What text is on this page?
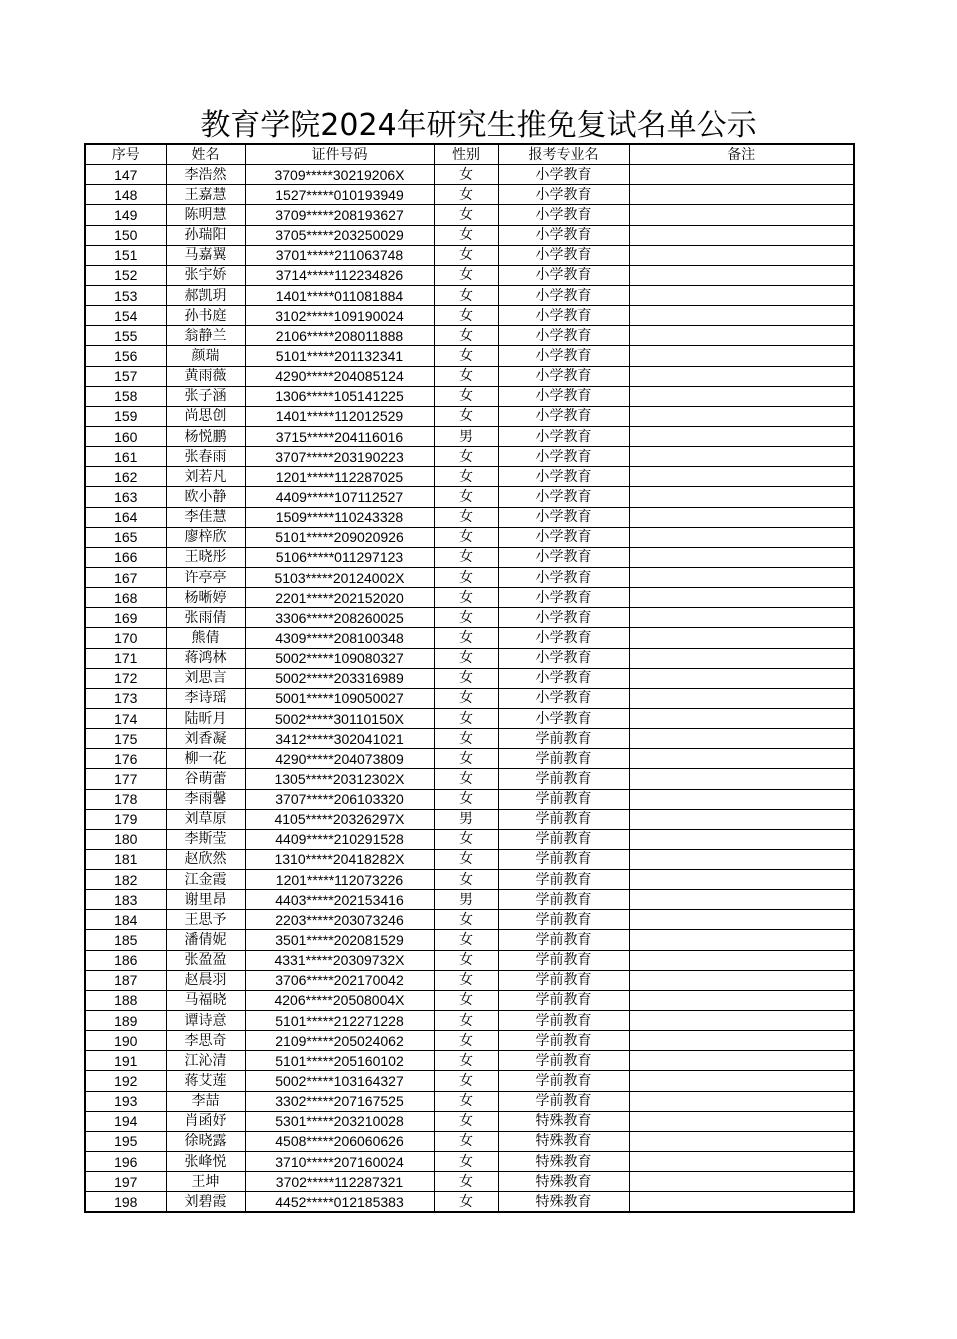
教育学院2024年研究生推免复试名单公示
序号	姓名	证件号码	性别	报考专业名	备注
147	李浩然	3709*****30219206X	女	小学教育	
148	王嘉慧	1527*****010193949	女	小学教育	
149	陈明慧	3709*****208193627	女	小学教育	
150	孙瑞阳	3705*****203250029	女	小学教育	
151	马嘉翼	3701*****211063748	女	小学教育	
152	张宇娇	3714*****112234826	女	小学教育	
153	郝凯玥	1401*****011081884	女	小学教育	
154	孙书庭	3102*****109190024	女	小学教育	
155	翁静兰	2106*****208011888	女	小学教育	
156	颜瑞	5101*****201132341	女	小学教育	
157	黄雨薇	4290*****204085124	女	小学教育	
158	张子涵	1306*****105141225	女	小学教育	
159	尚思创	1401*****112012529	女	小学教育	
160	杨悦鹏	3715*****204116016	男	小学教育	
161	张春雨	3707*****203190223	女	小学教育	
162	刘若凡	1201*****112287025	女	小学教育	
163	欧小静	4409*****107112527	女	小学教育	
164	李佳慧	1509*****110243328	女	小学教育	
165	廖梓欣	5101*****209020926	女	小学教育	
166	王晓彤	5106*****011297123	女	小学教育	
167	许亭亭	5103*****20124002X	女	小学教育	
168	杨晰婷	2201*****202152020	女	小学教育	
169	张雨倩	3306*****208260025	女	小学教育	
170	熊倩	4309*****208100348	女	小学教育	
171	蒋鸿林	5002*****109080327	女	小学教育	
172	刘思言	5002*****203316989	女	小学教育	
173	李诗瑶	5001*****109050027	女	小学教育	
174	陆昕月	5002*****30110150X	女	小学教育	
175	刘香凝	3412*****302041021	女	学前教育	
176	柳一花	4290*****204073809	女	学前教育	
177	谷萌蕾	1305*****20312302X	女	学前教育	
178	李雨馨	3707*****206103320	女	学前教育	
179	刘草原	4105*****20326297X	男	学前教育	
180	李斯莹	4409*****210291528	女	学前教育	
181	赵欣然	1310*****20418282X	女	学前教育	
182	江金霞	1201*****112073226	女	学前教育	
183	谢里昂	4403*****202153416	男	学前教育	
184	王思予	2203*****203073246	女	学前教育	
185	潘倩妮	3501*****202081529	女	学前教育	
186	张盈盈	4331*****20309732X	女	学前教育	
187	赵晨羽	3706*****202170042	女	学前教育	
188	马福晓	4206*****20508004X	女	学前教育	
189	谭诗意	5101*****212271228	女	学前教育	
190	李思奇	2109*****205024062	女	学前教育	
191	江沁清	5101*****205160102	女	学前教育	
192	蒋艾莲	5002*****103164327	女	学前教育	
193	李喆	3302*****207167525	女	学前教育	
194	肖函妤	5301*****203210028	女	特殊教育	
195	徐晓露	4508*****206060626	女	特殊教育	
196	张峰悦	3710*****207160024	女	特殊教育	
197	王坤	3702*****112287321	女	特殊教育	
198	刘碧霞	4452*****012185383	女	特殊教育	
